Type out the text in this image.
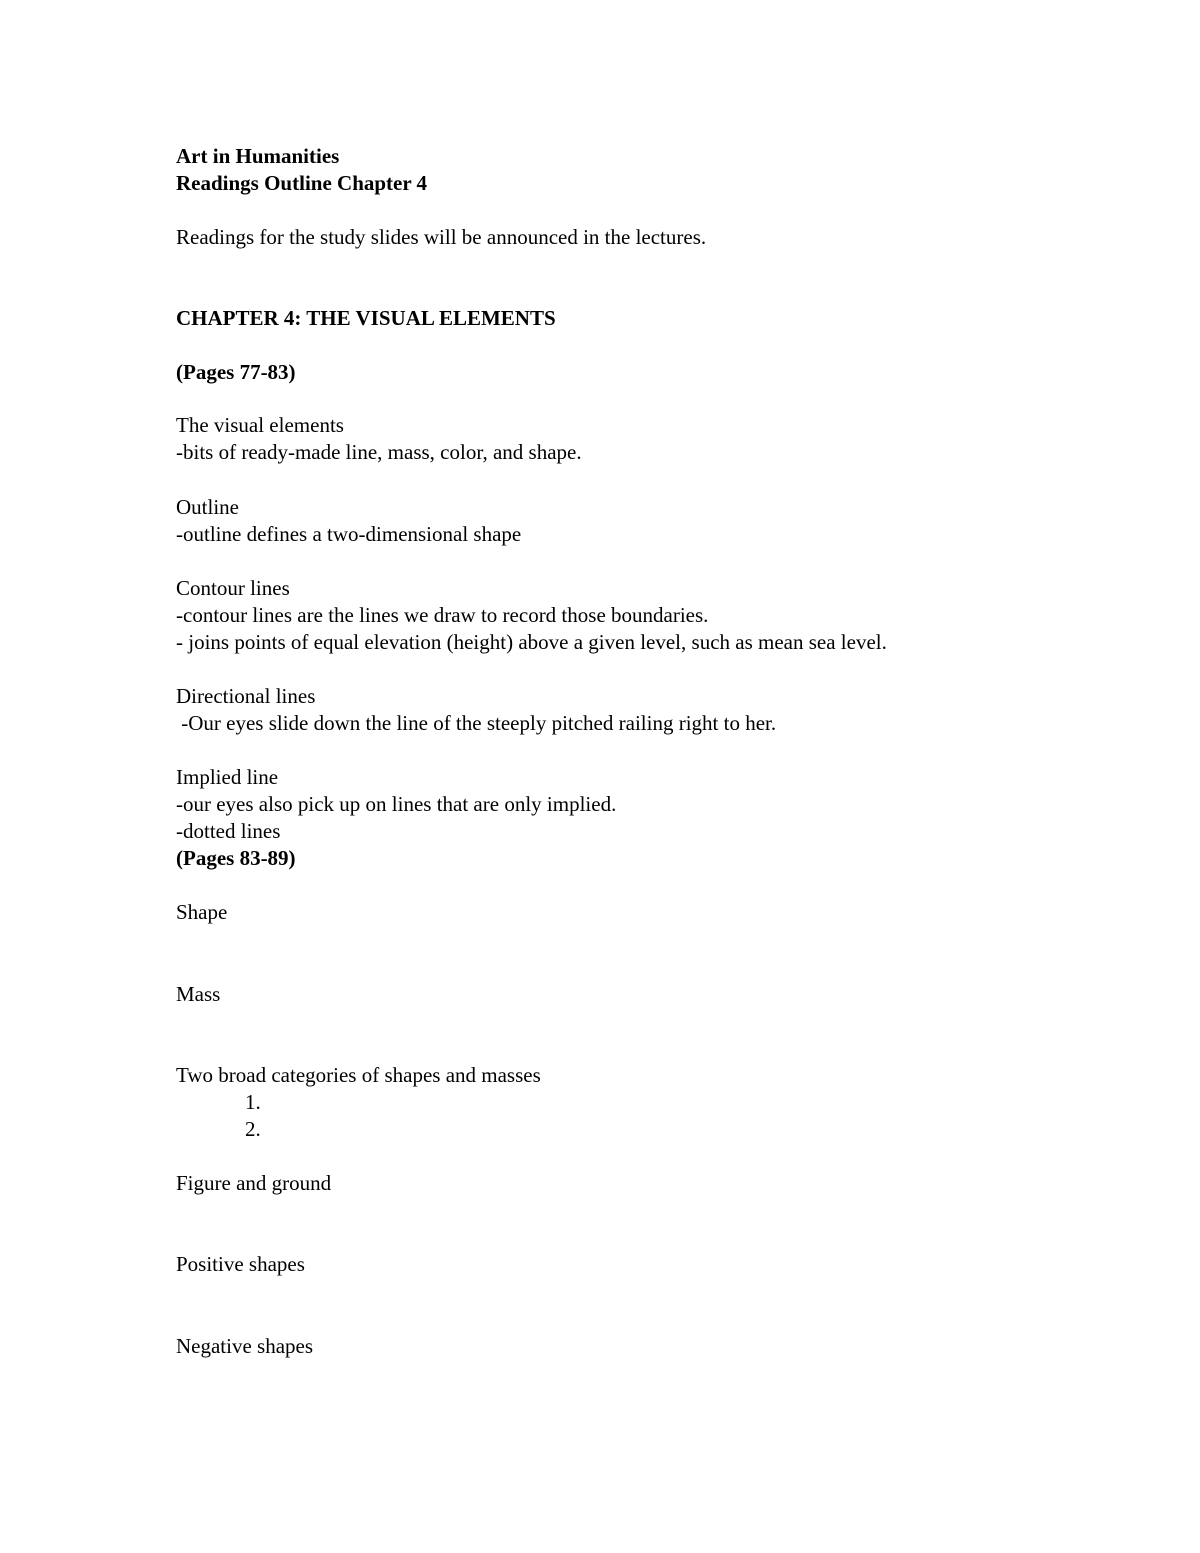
Art in Humanities
Readings Outline Chapter 4
Readings for the study slides will be announced in the lectures.
CHAPTER 4: THE VISUAL ELEMENTS
(Pages 77-83)
The visual elements
-bits of ready-made line, mass, color, and shape.
Outline
-outline defines a two-dimensional shape
Contour lines
-contour lines are the lines we draw to record those boundaries.
- joins points of equal elevation (height) above a given level, such as mean sea level.
Directional lines
-Our eyes slide down the line of the steeply pitched railing right to her.
Implied line
-our eyes also pick up on lines that are only implied.
-dotted lines
(Pages 83-89)
Shape
Mass
Two broad categories of shapes and masses
1.
2.
Figure and ground
Positive shapes
Negative shapes
